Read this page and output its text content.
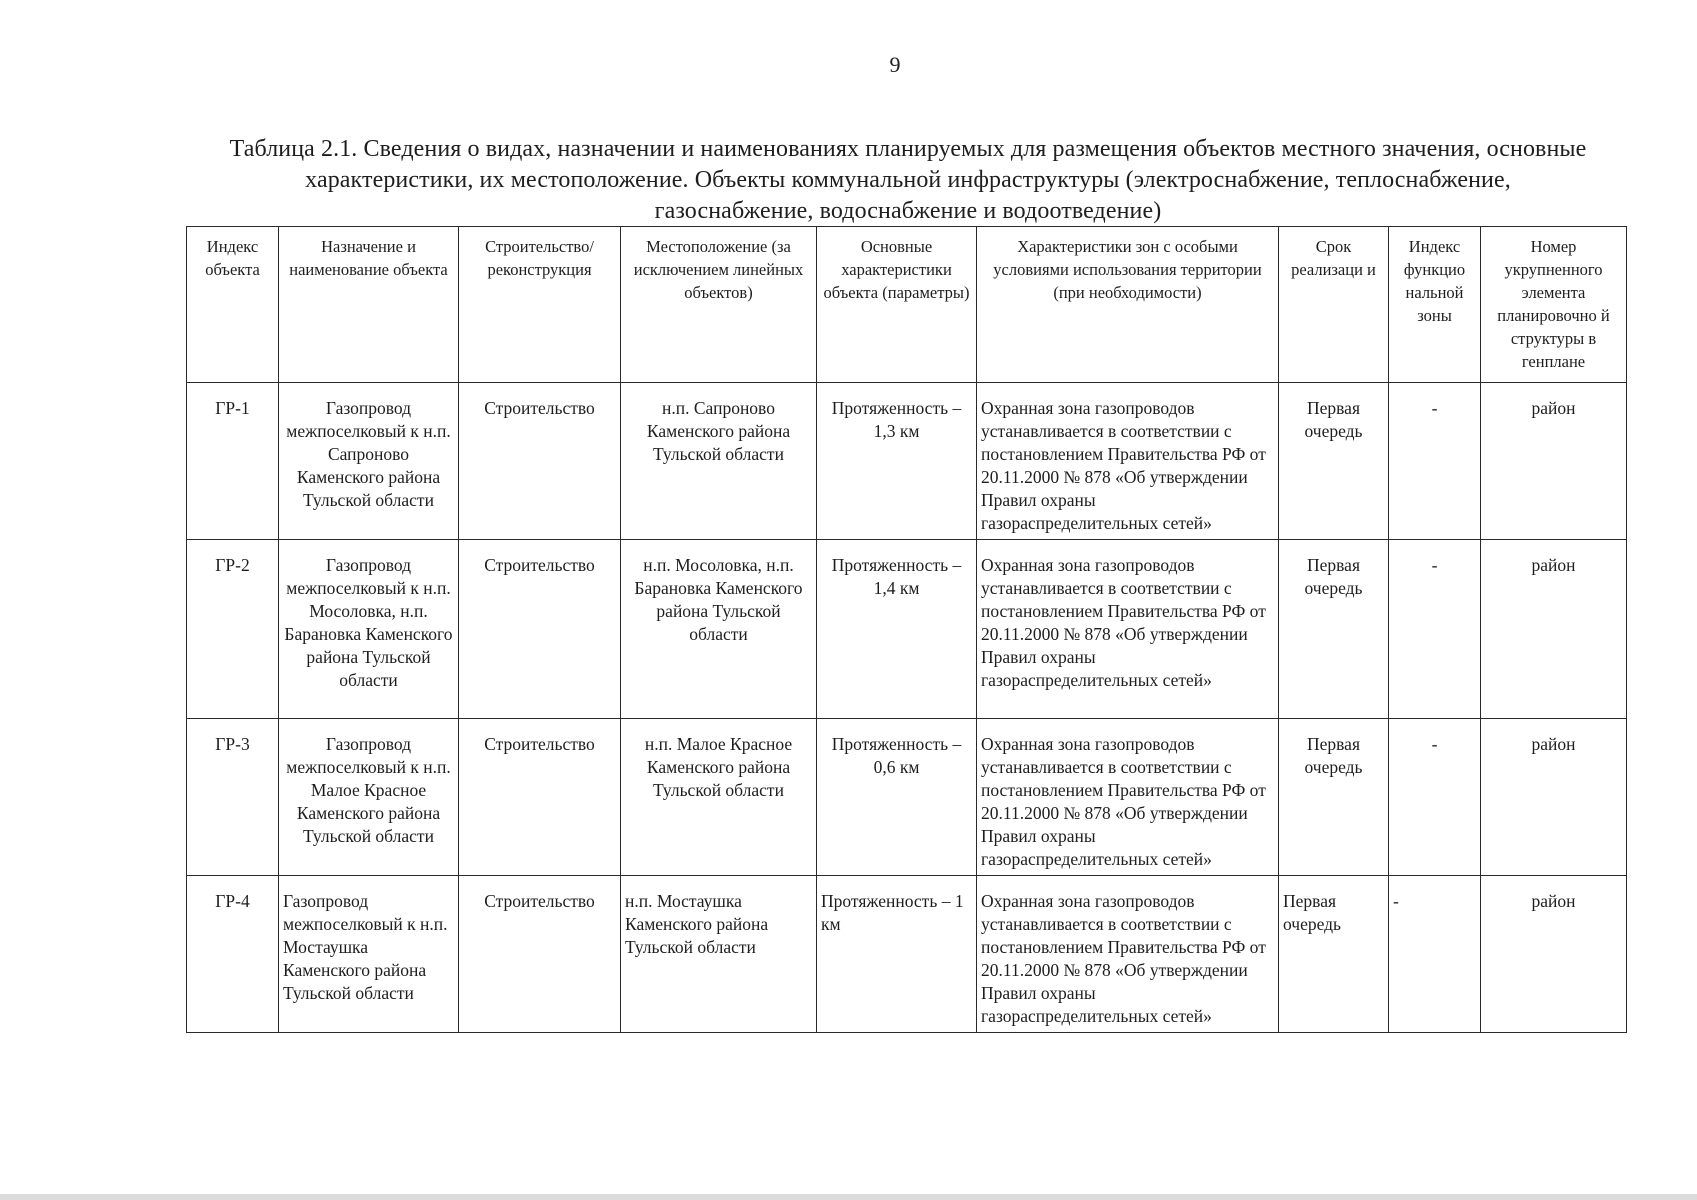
9
Таблица 2.1. Сведения о видах, назначении и наименованиях планируемых для размещения объектов местного значения, основные характеристики, их местоположение. Объекты коммунальной инфраструктуры (электроснабжение, теплоснабжение, газоснабжение, водоснабжение и водоотведение)
Индекс объекта	Назначение и наименование объекта	Строительство/ реконструкция	Местоположение (за исключением линейных объектов)	Основные характеристики объекта (параметры)	Характеристики зон с особыми условиями использования территории (при необходимости)	Срок реализаци и	Индекс функцио нальной зоны	Номер укрупненного элемента планировочно й структуры в генплане
ГР-1	Газопровод межпоселковый к н.п. Сапроново Каменского района Тульской области	Строительство	н.п. Сапроново Каменского района Тульской области	Протяженность – 1,3 км	Охранная зона газопроводов устанавливается в соответствии с постановлением Правительства РФ от 20.11.2000 № 878 «Об утверждении Правил охраны газораспределительных сетей»	Первая очередь	-	район
ГР-2	Газопровод межпоселковый к н.п. Мосоловка, н.п. Барановка Каменского района Тульской области	Строительство	н.п. Мосоловка, н.п. Барановка Каменского района Тульской области	Протяженность – 1,4 км	Охранная зона газопроводов устанавливается в соответствии с постановлением Правительства РФ от 20.11.2000 № 878 «Об утверждении Правил охраны газораспределительных сетей»	Первая очередь	-	район
ГР-3	Газопровод межпоселковый к н.п. Малое Красное Каменского района Тульской области	Строительство	н.п. Малое Красное Каменского района Тульской области	Протяженность – 0,6 км	Охранная зона газопроводов устанавливается в соответствии с постановлением Правительства РФ от 20.11.2000 № 878 «Об утверждении Правил охраны газораспределительных сетей»	Первая очередь	-	район
ГР-4	Газопровод межпоселковый к н.п. Мостаушка Каменского района Тульской области	Строительство	н.п. Мостаушка Каменского района Тульской области	Протяженность – 1 км	Охранная зона газопроводов устанавливается в соответствии с постановлением Правительства РФ от 20.11.2000 № 878 «Об утверждении Правил охраны газораспределительных сетей»	Первая очередь	-	район
